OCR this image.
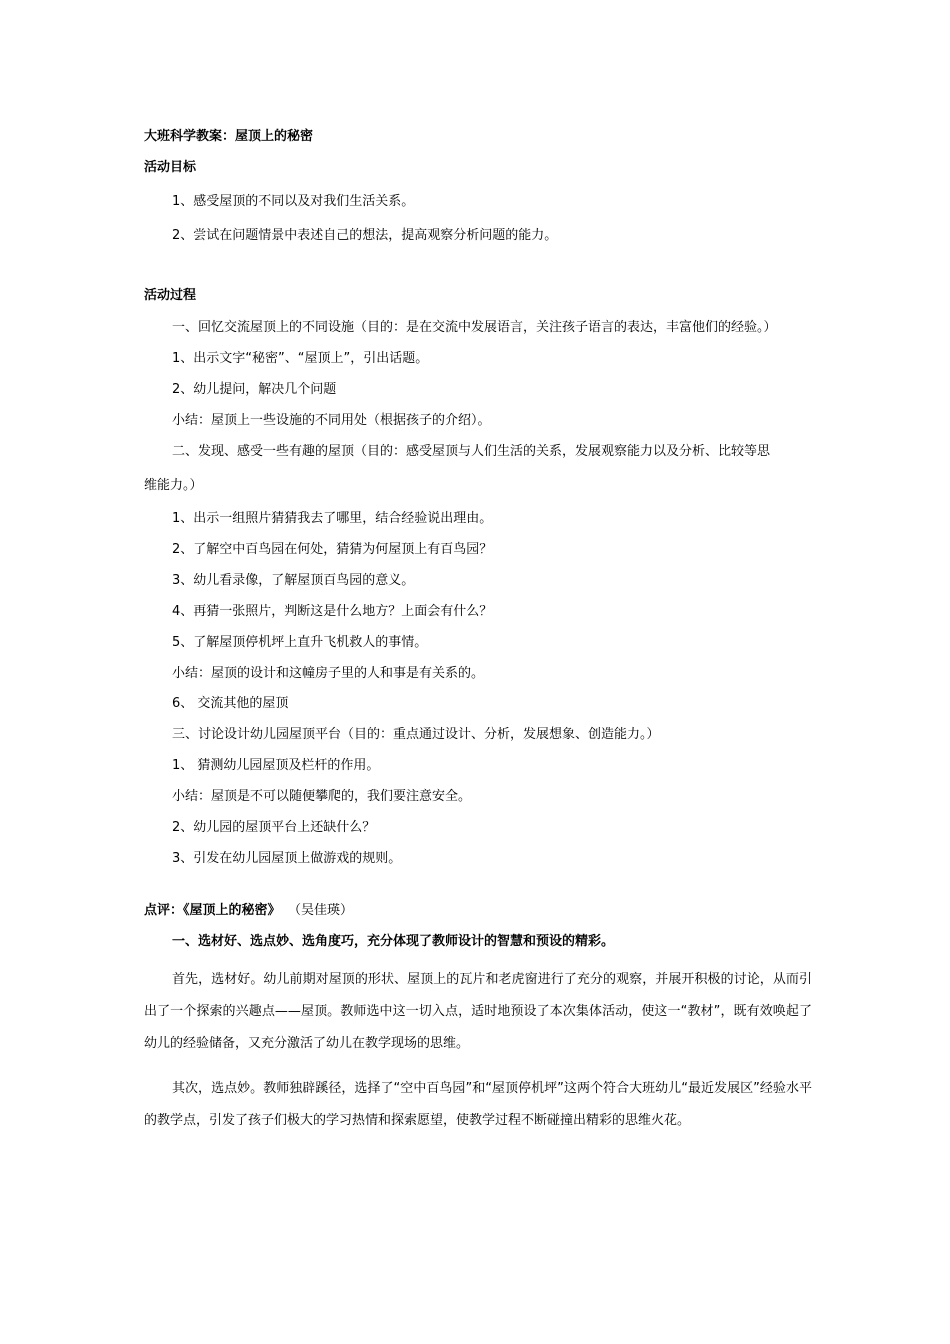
大班科学教案：屋顶上的秘密

活动目标

1、感受屋顶的不同以及对我们生活关系。

2、尝试在问题情景中表述自己的想法，提高观察分析问题的能力。

活动过程

一、回忆交流屋顶上的不同设施（目的：是在交流中发展语言，关注孩子语言的表达，丰富他们的经验。）

1、出示文字“秘密”、“屋顶上”，引出话题。

2、幼儿提问，解决几个问题

小结：屋顶上一些设施的不同用处（根据孩子的介绍）。

二、发现、感受一些有趣的屋顶（目的：感受屋顶与人们生活的关系，发展观察能力以及分析、比较等思

维能力。）

1、出示一组照片猜猜我去了哪里，结合经验说出理由。

2、了解空中百鸟园在何处，猜猜为何屋顶上有百鸟园？

3、幼儿看录像，了解屋顶百鸟园的意义。

4、再猜一张照片，判断这是什么地方？上面会有什么？

5、了解屋顶停机坪上直升飞机救人的事情。

小结：屋顶的设计和这幢房子里的人和事是有关系的。

6、 交流其他的屋顶

三、讨论设计幼儿园屋顶平台（目的：重点通过设计、分析，发展想象、创造能力。）

1、 猜测幼儿园屋顶及栏杆的作用。

小结：屋顶是不可以随便攀爬的，我们要注意安全。

2、幼儿园的屋顶平台上还缺什么？

3、引发在幼儿园屋顶上做游戏的规则。

点评：《屋顶上的秘密》 （吴佳瑛）

一、选材好、选点妙、选角度巧，充分体现了教师设计的智慧和预设的精彩。

首先，选材好。幼儿前期对屋顶的形状、屋顶上的瓦片和老虎窗进行了充分的观察，并展开积极的讨论，从而引出了一个探索的兴趣点——屋顶。教师选中这一切入点，适时地预设了本次集体活动，使这一“教材”，既有效唤起了幼儿的经验储备，又充分激活了幼儿在教学现场的思维。

其次，选点妙。教师独辟蹊径，选择了“空中百鸟园”和“屋顶停机坪”这两个符合大班幼儿“最近发展区”经验水平的教学点，引发了孩子们极大的学习热情和探索愿望，使教学过程不断碰撞出精彩的思维火花。
